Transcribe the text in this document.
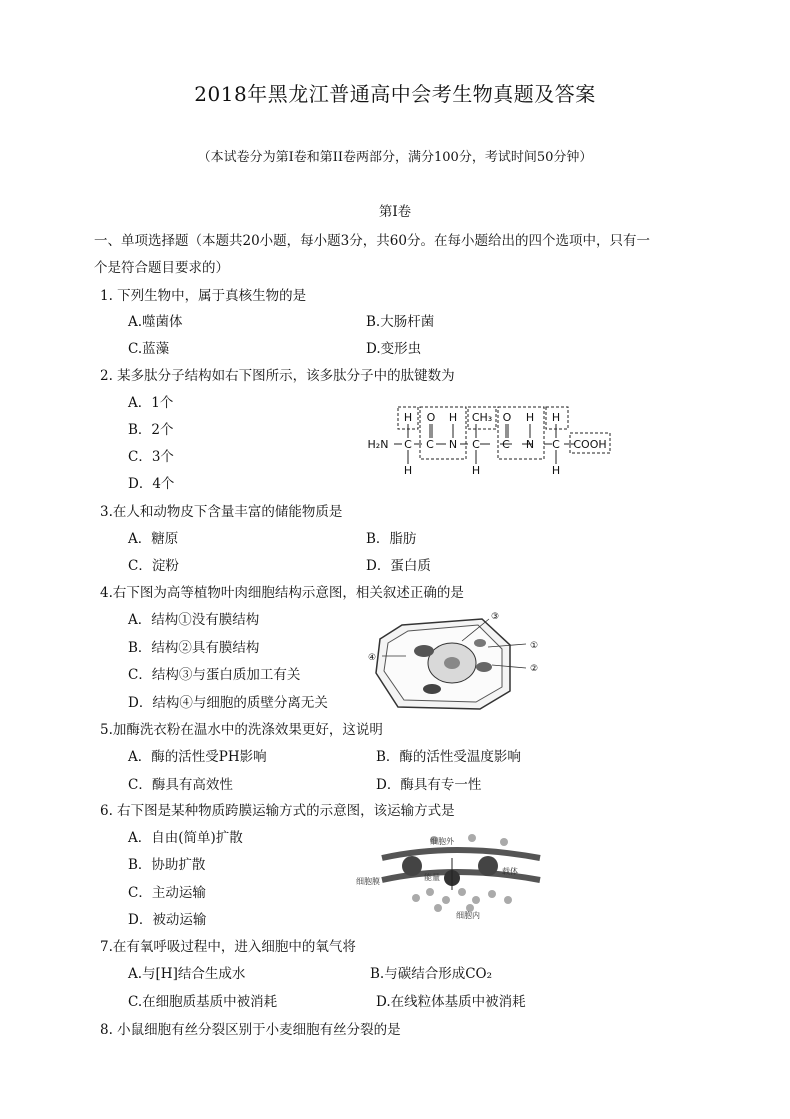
2018年黑龙江普通高中会考生物真题及答案
（本试卷分为第Ⅰ卷和第II卷两部分，满分100分，考试时间50分钟）
第Ⅰ卷
一、单项选择题（本题共20小题，每小题3分，共60分。在每小题给出的四个选项中，只有一
个是符合题目要求的）
1. 下列生物中，属于真核生物的是
A.噬菌体	B.大肠杆菌
C.蓝藻	D.变形虫
2. 某多肽分子结构如右下图所示，该多肽分子中的肽键数为
A．1个
B．2个
C．3个
D．4个
H₂N C C N C C N C COOH
H O H CH₃ O H H
H	H	H
3.在人和动物皮下含量丰富的储能物质是
A．糖原	B．脂肪
C．淀粉	D．蛋白质
4.右下图为高等植物叶肉细胞结构示意图，相关叙述正确的是
A．结构①没有膜结构
B．结构②具有膜结构
C．结构③与蛋白质加工有关
D．结构④与细胞的质壁分离无关
③
①
②
④
5.加酶洗衣粉在温水中的洗涤效果更好，这说明
A．酶的活性受PH影响	B．酶的活性受温度影响
C．酶具有高效性	D．酶具有专一性
6. 右下图是某种物质跨膜运输方式的示意图，该运输方式是
A．自由(简单)扩散
B．协助扩散
C．主动运输
D．被动运输
细胞外
细胞膜	能量
载体
细胞内
7.在有氧呼吸过程中，进入细胞中的氧气将
A.与[H]结合生成水	B.与碳结合形成CO₂
C.在细胞质基质中被消耗	D.在线粒体基质中被消耗
8. 小鼠细胞有丝分裂区别于小麦细胞有丝分裂的是
